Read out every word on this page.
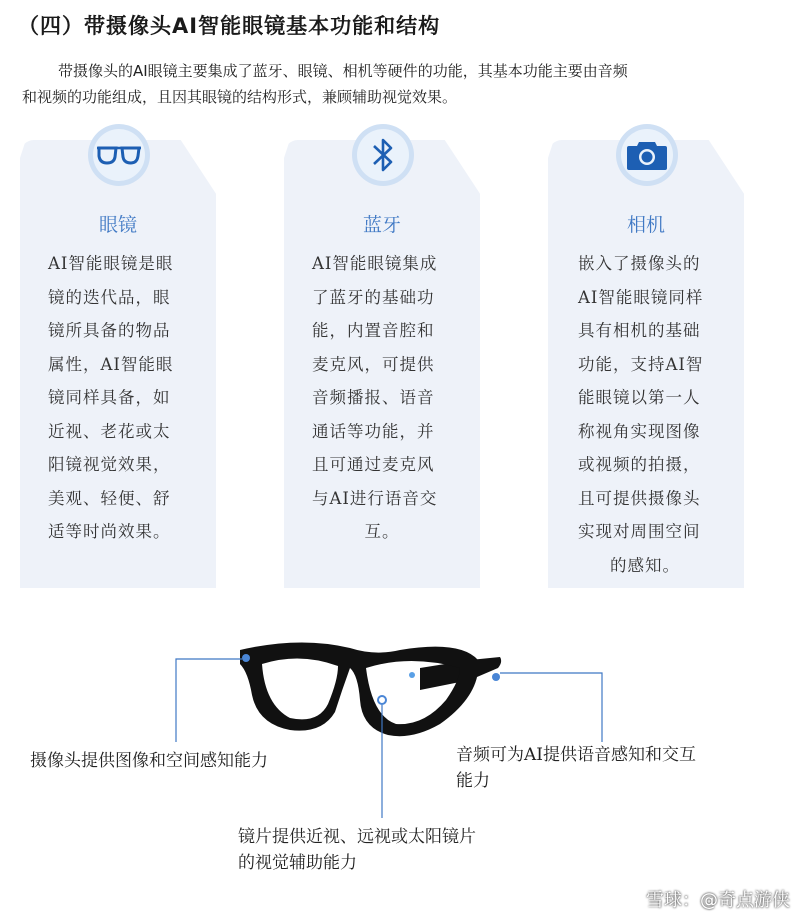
（四）带摄像头AI智能眼镜基本功能和结构

带摄像头的AI眼镜主要集成了蓝牙、眼镜、相机等硬件的功能，其基本功能主要由音频

和视频的功能组成，且因其眼镜的结构形式，兼顾辅助视觉效果。

眼镜
AI智能眼镜是眼
镜的迭代品，眼
镜所具备的物品
属性，AI智能眼
镜同样具备，如
近视、老花或太
阳镜视觉效果，
美观、轻便、舒
适等时尚效果。
蓝牙
AI智能眼镜集成
了蓝牙的基础功
能，内置音腔和
麦克风，可提供
音频播报、语音
通话等功能，并
且可通过麦克风
与AI进行语音交
互。
相机
嵌入了摄像头的
AI智能眼镜同样
具有相机的基础
功能，支持AI智
能眼镜以第一人
称视角实现图像
或视频的拍摄，
且可提供摄像头
实现对周围空间
的感知。
摄像头提供图像和空间感知能力	音频可为AI提供语音感知和交互
能力
镜片提供近视、远视或太阳镜片
的视觉辅助能力
雪球：@奇点游侠
